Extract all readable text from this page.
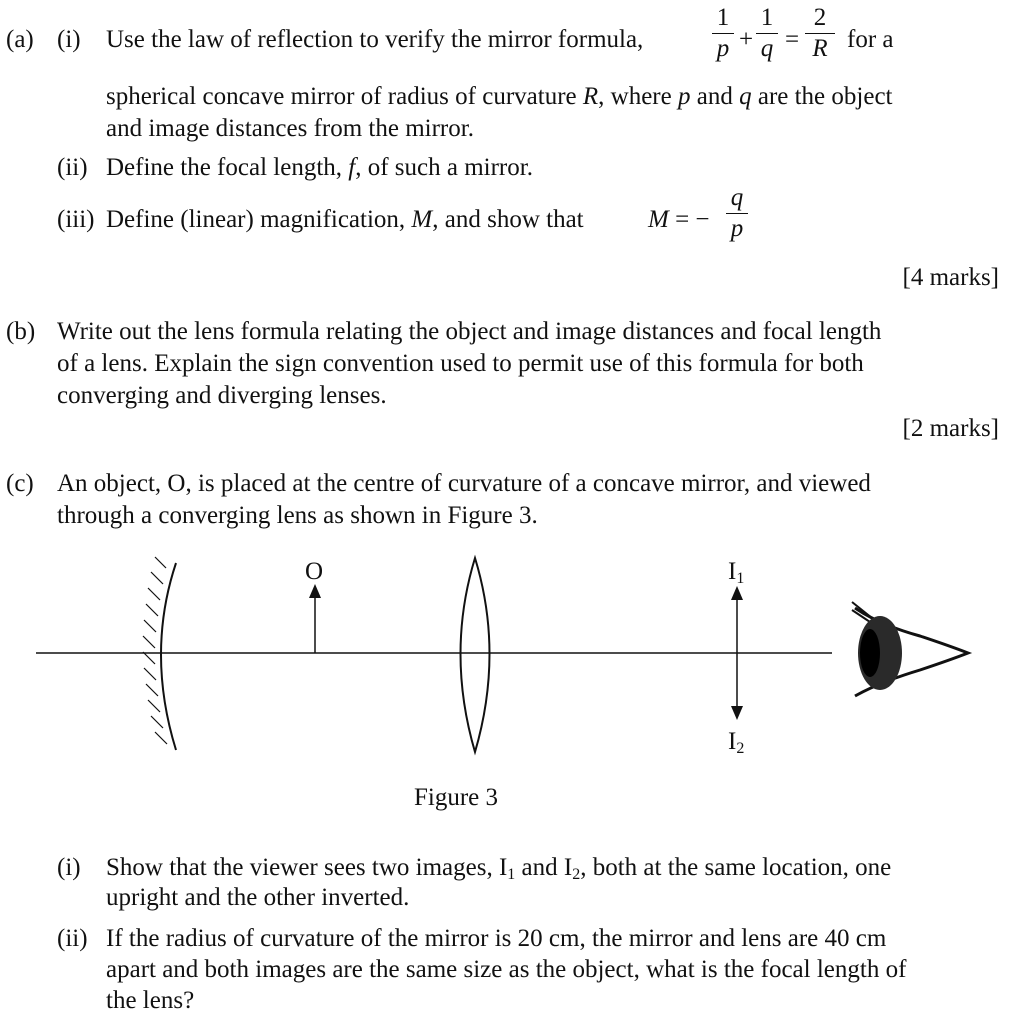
(a) (i) Use the law of reflection to verify the mirror formula,
1
p +
1
q =
2
R for a
spherical concave mirror of radius of curvature R, where p and q are the object
and image distances from the mirror.
(ii) Define the focal length, f, of such a mirror.
(iii) Define (linear) magnification, M, and show that	M = −
q
p
[4 marks]
(b) Write out the lens formula relating the object and image distances and focal length
of a lens. Explain the sign convention used to permit use of this formula for both
converging and diverging lenses.
[2 marks]
(c) An object, O, is placed at the centre of curvature of a concave mirror, and viewed
through a converging lens as shown in Figure 3.
O	$I_1$
$I_2$
Figure 3
(i) Show that the viewer sees two images, $I_1$ and $I_2$, both at the same location, one
upright and the other inverted.
(ii) If the radius of curvature of the mirror is 20 cm, the mirror and lens are 40 cm
apart and both images are the same size as the object, what is the focal length of
the lens?
